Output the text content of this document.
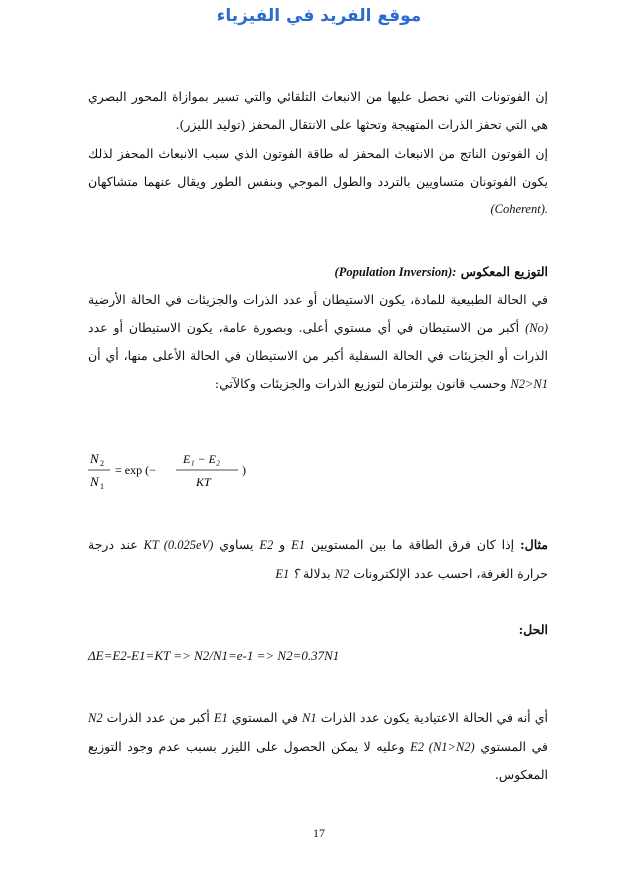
موقع الفريد في الفيزياء
إن الفوتونات التي نحصل عليها من الانبعاث التلقائي والتي تسير بموازاة المحور البصري هي التي تحفز الذرات المتهيجة وتحثها على الانتقال المحفز (توليد الليزر).
إن الفوتون الناتج من الانبعاث المحفز له طاقة الفوتون الذي سبب الانبعاث المحفز لذلك يكون الفوتونان متساويين بالتردد والطول الموجي وبنفس الطور ويقال عنهما متشاكهان (Coherent).
التوزيع المعكوس (Population Inversion):
في الحالة الطبيعية للمادة، يكون الاستيطان أو عدد الذرات والجزيئات في الحالة الأرضية (No) أكبر من الاستيطان في أي مستوي أعلى. وبصورة عامة، يكون الاستيطان أو عدد الذرات أو الجزيئات في الحالة السفلية أكبر من الاستيطان في الحالة الأعلى منها، أي أن N2>N1 وحسب قانون بولتزمان لتوزيع الذرات والجزيئات وكالآتي:
N 2
N 1
= exp (−
E₁ − E₂
KT
)
مثال: إذا كان فرق الطاقة ما بين المستويين E1 و E2 يساوي KT (0.025eV) عند درجة حرارة الغرفة، احسب عدد الإلكترونات N2 بدلالة E1 ؟
الحل:
ΔE=E2-E1=KT => N2/N1=e-1 => N2=0.37N1
أي أنه في الحالة الاعتيادية يكون عدد الذرات N1 في المستوي E1 أكبر من عدد الذرات N2 في المستوي E2 (N1>N2) وعليه لا يمكن الحصول على الليزر بسبب عدم وجود التوزيع المعكوس.
17
